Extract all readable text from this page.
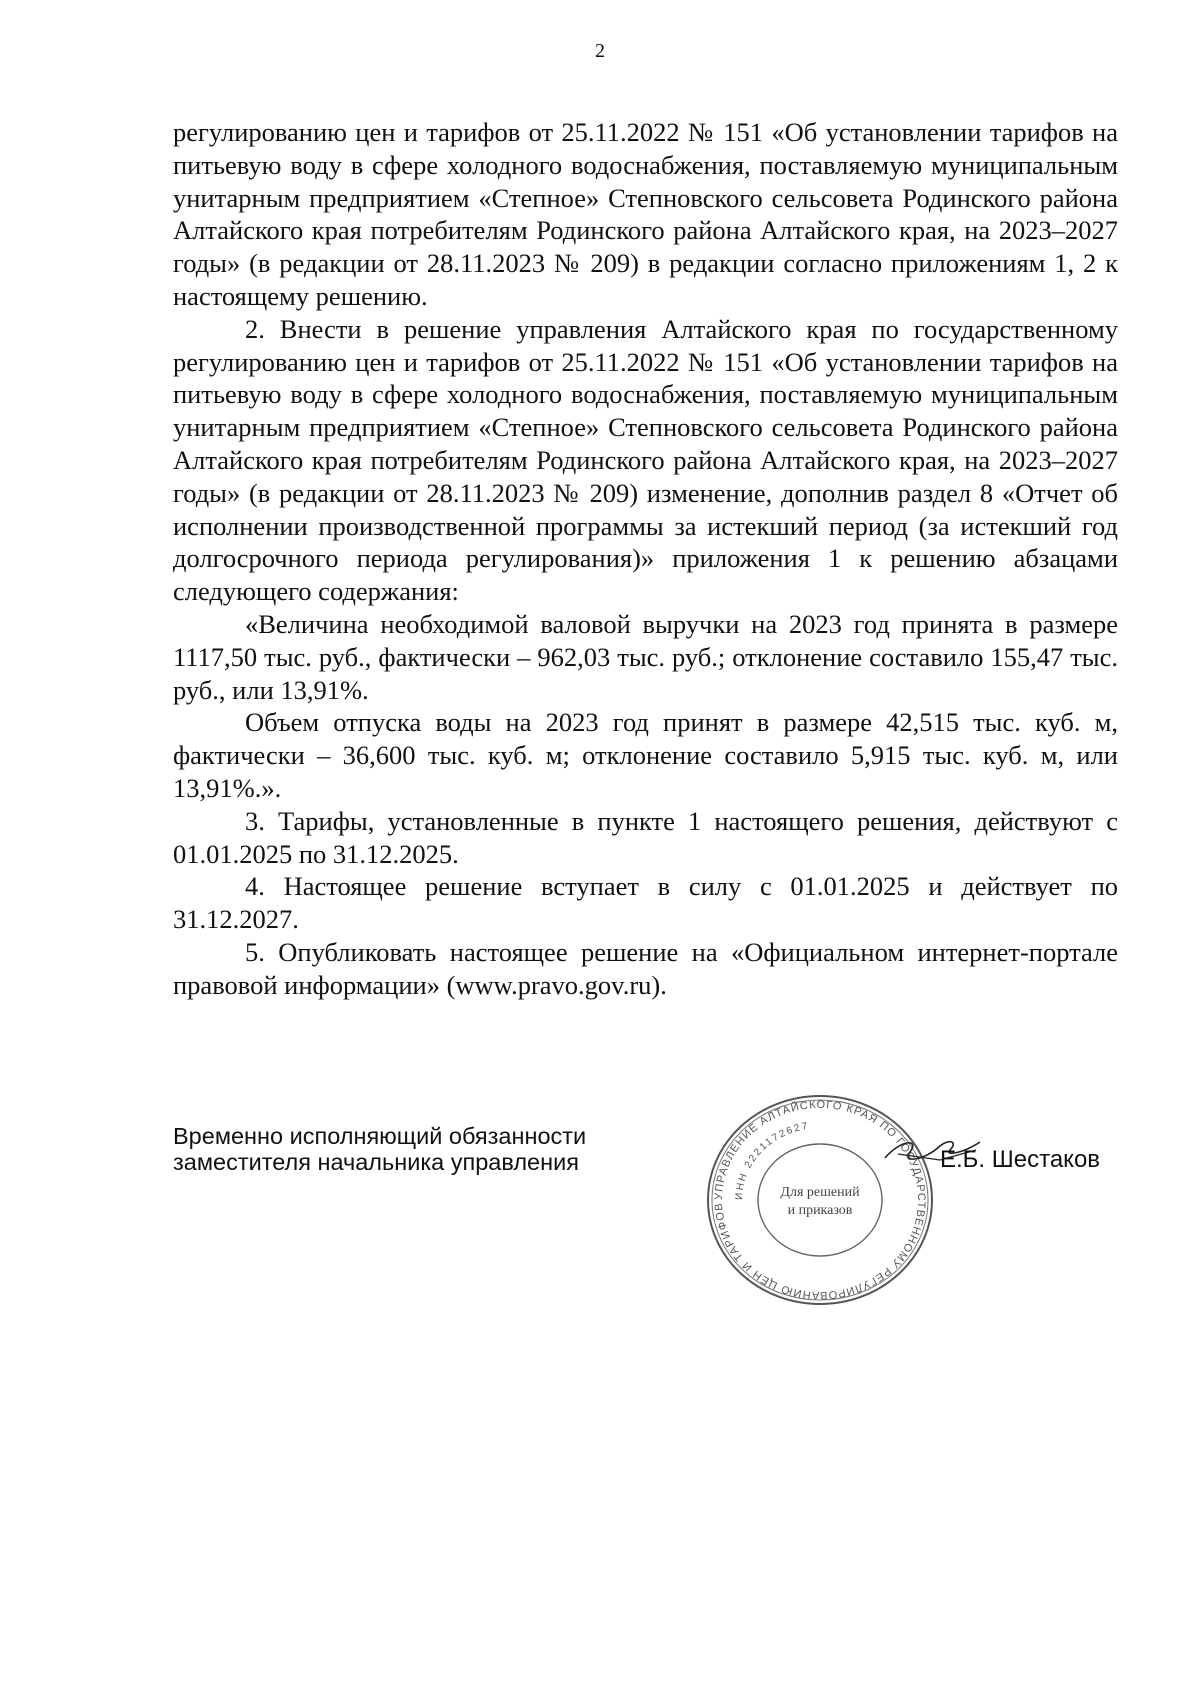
2

регулированию цен и тарифов от 25.11.2022 № 151 «Об установлении тарифов на питьевую воду в сфере холодного водоснабжения, поставляемую муниципальным унитарным предприятием «Степное» Степновского сельсовета Родинского района Алтайского края потребителям Родинского района Алтайского края, на 2023–2027 годы» (в редакции от 28.11.2023 № 209) в редакции согласно приложениям 1, 2 к настоящему решению.

2. Внести в решение управления Алтайского края по государственному регулированию цен и тарифов от 25.11.2022 № 151 «Об установлении тарифов на питьевую воду в сфере холодного водоснабжения, поставляемую муниципальным унитарным предприятием «Степное» Степновского сельсовета Родинского района Алтайского края потребителям Родинского района Алтайского края, на 2023–2027 годы» (в редакции от 28.11.2023 № 209) изменение, дополнив раздел 8 «Отчет об исполнении производственной программы за истекший период (за истекший год долгосрочного периода регулирования)» приложения 1 к решению абзацами следующего содержания:

«Величина необходимой валовой выручки на 2023 год принята в размере 1117,50 тыс. руб., фактически – 962,03 тыс. руб.; отклонение составило 155,47 тыс. руб., или 13,91%.

Объем отпуска воды на 2023 год принят в размере 42,515 тыс. куб. м, фактически – 36,600 тыс. куб. м; отклонение составило 5,915 тыс. куб. м, или 13,91%.».

3. Тарифы, установленные в пункте 1 настоящего решения, действуют с 01.01.2025 по 31.12.2025.

4. Настоящее решение вступает в силу с 01.01.2025 и действует по 31.12.2027.

5. Опубликовать настоящее решение на «Официальном интернет-портале правовой информации» (www.pravo.gov.ru).

Временно исполняющий обязанности
заместителя начальника управления
УПРАВЛЕНИЕ АЛТАЙСКОГО КРАЯ ПО ГОСУДАРСТВЕННОМУ РЕГУЛИРОВАНИЮ ЦЕН И ТАРИФОВ
ИНН 2221172627
Для решений
и приказов
Е.Б. Шестаков
